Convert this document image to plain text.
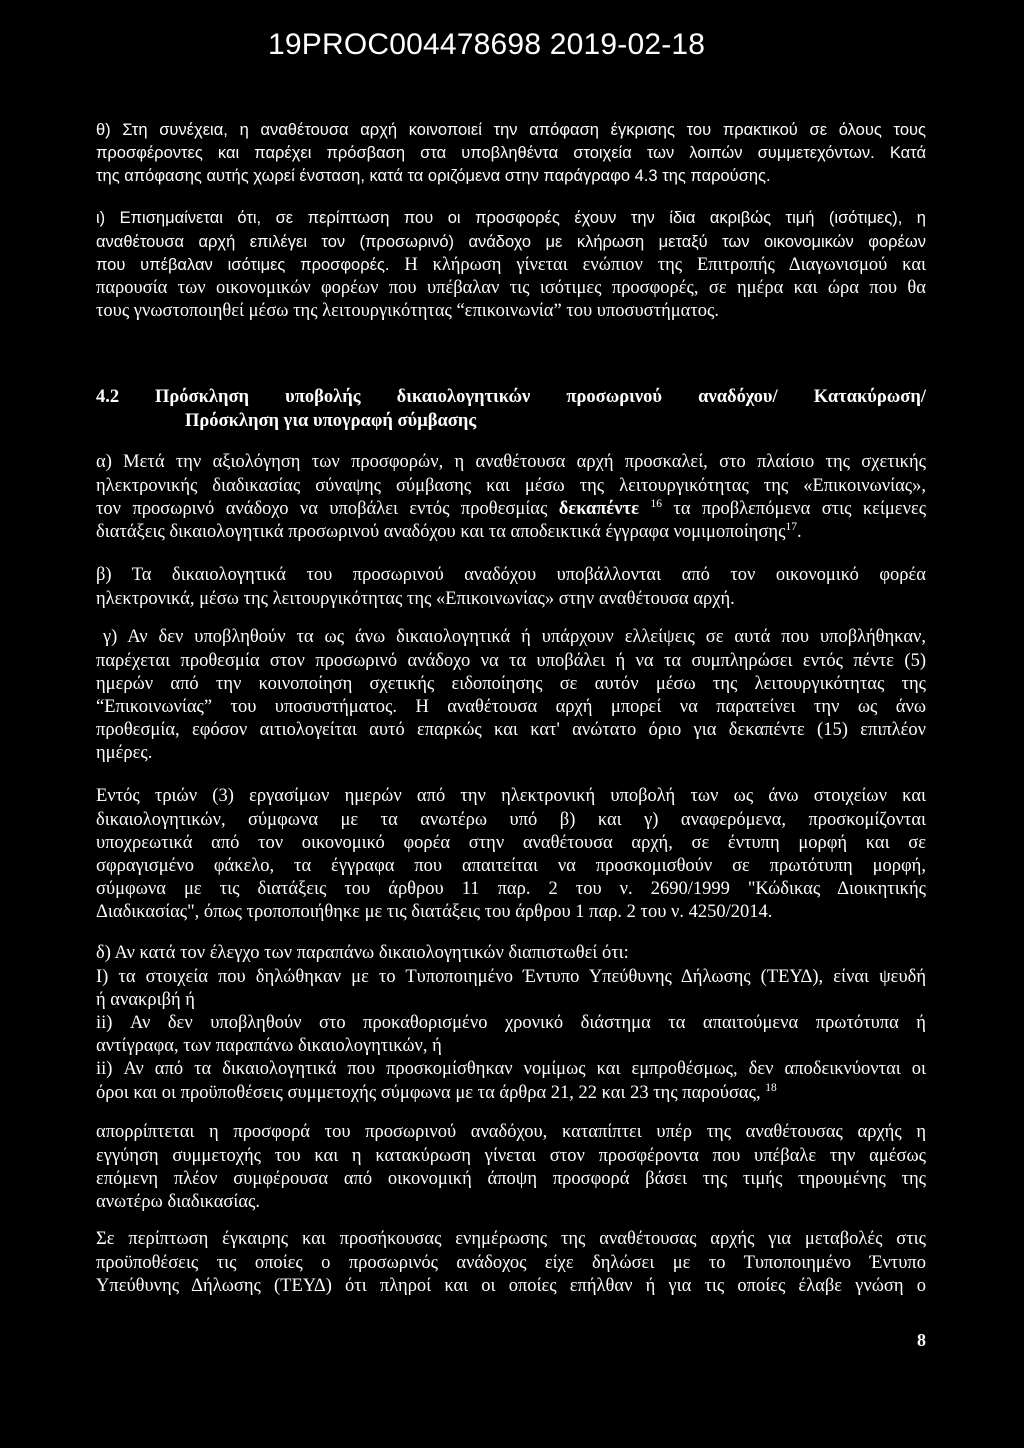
19PROC004478698 2019-02-18
θ) Στη συνέχεια, η αναθέτουσα αρχή κοινοποιεί την απόφαση έγκρισης του πρακτικού σε όλους τους
προσφέροντες και παρέχει πρόσβαση στα υποβληθέντα στοιχεία των λοιπών συμμετεχόντων. Κατά
της απόφασης αυτής χωρεί ένσταση, κατά τα οριζόμενα στην παράγραφο 4.3 της παρούσης.
ι) Επισημαίνεται ότι, σε περίπτωση που οι προσφορές έχουν την ίδια ακριβώς τιμή (ισότιμες), η
αναθέτουσα αρχή επιλέγει τον (προσωρινό) ανάδοχο με κλήρωση μεταξύ των οικονομικών φορέων
που υπέβαλαν ισότιμες προσφορές. Η κλήρωση γίνεται ενώπιον της Επιτροπής Διαγωνισμού και
παρουσία των οικονομικών φορέων που υπέβαλαν τις ισότιμες προσφορές, σε ημέρα και ώρα που θα
τους γνωστοποιηθεί μέσω της λειτουργικότητας “επικοινωνία” του υποσυστήματος.
4.2 Πρόσκληση υποβολής δικαιολογητικών προσωρινού αναδόχου/ Κατακύρωση/
Πρόσκληση για υπογραφή σύμβασης
α) Μετά την αξιολόγηση των προσφορών, η αναθέτουσα αρχή προσκαλεί, στο πλαίσιο της σχετικής
ηλεκτρονικής διαδικασίας σύναψης σύμβασης και μέσω της λειτουργικότητας της «Επικοινωνίας»,
τον προσωρινό ανάδοχο να υποβάλει εντός προθεσμίας δεκαπέντε $^{16}$ τα προβλεπόμενα στις κείμενες
διατάξεις δικαιολογητικά προσωρινού αναδόχου και τα αποδεικτικά έγγραφα νομιμοποίησης$^{17}$.
β) Τα δικαιολογητικά του προσωρινού αναδόχου υποβάλλονται από τον οικονομικό φορέα
ηλεκτρονικά, μέσω της λειτουργικότητας της «Επικοινωνίας» στην αναθέτουσα αρχή.
γ) Αν δεν υποβληθούν τα ως άνω δικαιολογητικά ή υπάρχουν ελλείψεις σε αυτά που υποβλήθηκαν,
παρέχεται προθεσμία στον προσωρινό ανάδοχο να τα υποβάλει ή να τα συμπληρώσει εντός πέντε (5)
ημερών από την κοινοποίηση σχετικής ειδοποίησης σε αυτόν μέσω της λειτουργικότητας της
“Επικοινωνίας” του υποσυστήματος. Η αναθέτουσα αρχή μπορεί να παρατείνει την ως άνω
προθεσμία, εφόσον αιτιολογείται αυτό επαρκώς και κατ' ανώτατο όριο για δεκαπέντε (15) επιπλέον
ημέρες.
Εντός τριών (3) εργασίμων ημερών από την ηλεκτρονική υποβολή των ως άνω στοιχείων και
δικαιολογητικών, σύμφωνα με τα ανωτέρω υπό β) και γ) αναφερόμενα, προσκομίζονται
υποχρεωτικά από τον οικονομικό φορέα στην αναθέτουσα αρχή, σε έντυπη μορφή και σε
σφραγισμένο φάκελο, τα έγγραφα που απαιτείται να προσκομισθούν σε πρωτότυπη μορφή,
σύμφωνα με τις διατάξεις του άρθρου 11 παρ. 2 του ν. 2690/1999 "Κώδικας Διοικητικής
Διαδικασίας", όπως τροποποιήθηκε με τις διατάξεις του άρθρου 1 παρ. 2 του ν. 4250/2014.
δ) Αν κατά τον έλεγχο των παραπάνω δικαιολογητικών διαπιστωθεί ότι:
I) τα στοιχεία που δηλώθηκαν με το Τυποποιημένο Έντυπο Υπεύθυνης Δήλωσης (ΤΕΥΔ), είναι ψευδή
ή ανακριβή ή
ii) Αν δεν υποβληθούν στο προκαθορισμένο χρονικό διάστημα τα απαιτούμενα πρωτότυπα ή
αντίγραφα, των παραπάνω δικαιολογητικών, ή
ii) Αν από τα δικαιολογητικά που προσκομίσθηκαν νομίμως και εμπροθέσμως, δεν αποδεικνύονται οι
όροι και οι προϋποθέσεις συμμετοχής σύμφωνα με τα άρθρα 21, 22 και 23 της παρούσας, $^{18}$
απορρίπτεται η προσφορά του προσωρινού αναδόχου, καταπίπτει υπέρ της αναθέτουσας αρχής η
εγγύηση συμμετοχής του και η κατακύρωση γίνεται στον προσφέροντα που υπέβαλε την αμέσως
επόμενη πλέον συμφέρουσα από οικονομική άποψη προσφορά βάσει της τιμής τηρουμένης της
ανωτέρω διαδικασίας.
Σε περίπτωση έγκαιρης και προσήκουσας ενημέρωσης της αναθέτουσας αρχής για μεταβολές στις
προϋποθέσεις τις οποίες ο προσωρινός ανάδοχος είχε δηλώσει με το Τυποποιημένο Έντυπο
Υπεύθυνης Δήλωσης (ΤΕΥΔ) ότι πληροί και οι οποίες επήλθαν ή για τις οποίες έλαβε γνώση ο
8
